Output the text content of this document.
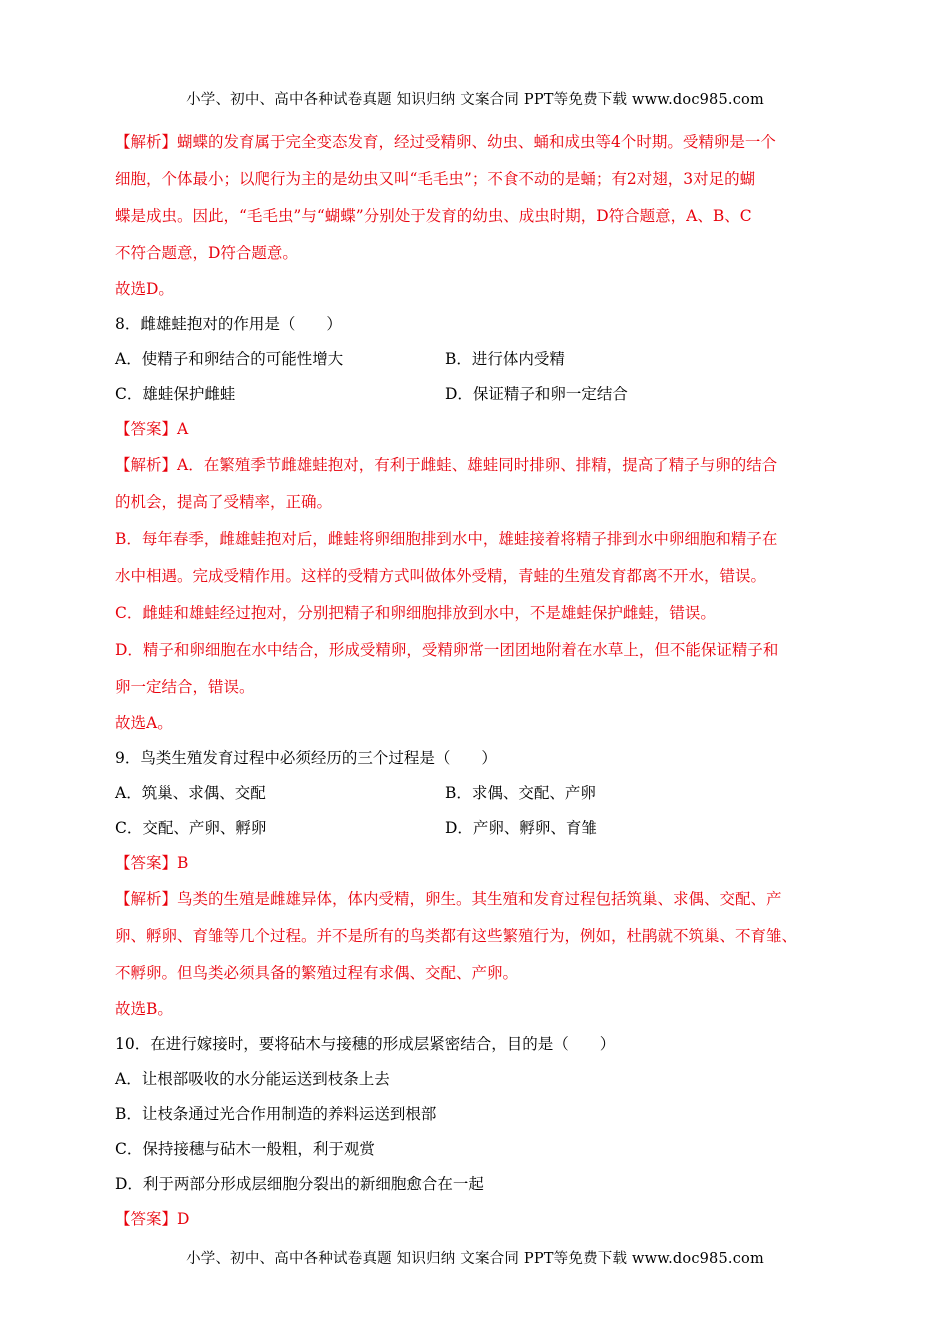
小学、初中、高中各种试卷真题 知识归纳 文案合同 PPT等免费下载 www.doc985.com
【解析】蝴蝶的发育属于完全变态发育，经过受精卵、幼虫、蛹和成虫等4个时期。受精卵是一个
细胞，个体最小；以爬行为主的是幼虫又叫“毛毛虫”；不食不动的是蛹；有2对翅，3对足的蝴
蝶是成虫。因此，“毛毛虫”与“蝴蝶”分别处于发育的幼虫、成虫时期，D符合题意，A、B、C
不符合题意，D符合题意。
故选D。
8．雌雄蛙抱对的作用是（　　）
A．使精子和卵结合的可能性增大	B．进行体内受精
C．雄蛙保护雌蛙	D．保证精子和卵一定结合
【答案】A
【解析】A．在繁殖季节雌雄蛙抱对，有利于雌蛙、雄蛙同时排卵、排精，提高了精子与卵的结合
的机会，提高了受精率，正确。
B．每年春季，雌雄蛙抱对后，雌蛙将卵细胞排到水中，雄蛙接着将精子排到水中卵细胞和精子在
水中相遇。完成受精作用。这样的受精方式叫做体外受精，青蛙的生殖发育都离不开水，错误。
C．雌蛙和雄蛙经过抱对，分别把精子和卵细胞排放到水中，不是雄蛙保护雌蛙，错误。
D．精子和卵细胞在水中结合，形成受精卵，受精卵常一团团地附着在水草上，但不能保证精子和
卵一定结合，错误。
故选A。
9．鸟类生殖发育过程中必须经历的三个过程是（　　）
A．筑巢、求偶、交配	B．求偶、交配、产卵
C．交配、产卵、孵卵	D．产卵、孵卵、育雏
【答案】B
【解析】鸟类的生殖是雌雄异体，体内受精，卵生。其生殖和发育过程包括筑巢、求偶、交配、产
卵、孵卵、育雏等几个过程。并不是所有的鸟类都有这些繁殖行为，例如，杜鹃就不筑巢、不育雏、
不孵卵。但鸟类必须具备的繁殖过程有求偶、交配、产卵。
故选B。
10．在进行嫁接时，要将砧木与接穗的形成层紧密结合，目的是（　　）
A．让根部吸收的水分能运送到枝条上去
B．让枝条通过光合作用制造的养料运送到根部
C．保持接穗与砧木一般粗，利于观赏
D．利于两部分形成层细胞分裂出的新细胞愈合在一起
【答案】D
小学、初中、高中各种试卷真题 知识归纳 文案合同 PPT等免费下载 www.doc985.com
